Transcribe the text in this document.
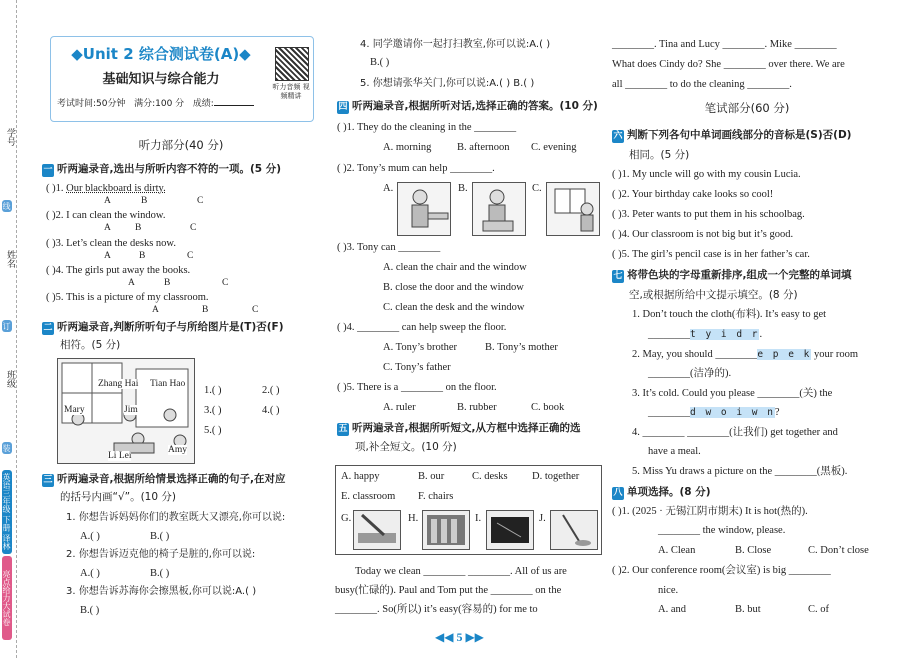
学号
姓名
班级
线
订
装
英语三年级 下册 译林
亮点给力大试卷
◆Unit 2 综合测试卷(A)◆
基础知识与综合能力
考试时间:50分钟 满分:100 分 成绩:
听力音频 视频精讲
听力部分(40 分)
一 听两遍录音,选出与所听内容不符的一项。(5 分)
( )1. Our blackboard is dirty.
A	B	C
( )2. I can clean the window.
A	B	C
( )3. Let’s clean the desks now.
A	B	C
( )4. The girls put away the books.
A	B	C
( )5. This is a picture of my classroom.
A	B	C
二 听两遍录音,判断所听句子与所给图片是(T)否(F)
相符。(5 分)
Zhang Hai Tian Hao
Mary	Jim
Li Lei
Amy
1.( )	2.( )
3.( )	4.( )
5.( )
三 听两遍录音,根据所给情景选择正确的句子,在对应
的括号内画“√”。(10 分)
1. 你想告诉妈妈你们的教室既大又漂亮,你可以说:
A.( )	B.( )
2. 你想告诉迈克他的椅子是脏的,你可以说:
A.( )	B.( )
3. 你想告诉苏海你会擦黑板,你可以说:A.( )
B.( )
4. 同学邀请你一起打扫教室,你可以说:A.( )
B.( )
5. 你想请张华关门,你可以说:A.( ) B.( )
四 听两遍录音,根据所听对话,选择正确的答案。(10 分)
( )1. They do the cleaning in the ________
A. morning B. afternoon C. evening
( )2. Tony’s mum can help ________.
A.	B.	C.
( )3. Tony can ________
A. clean the chair and the window
B. close the door and the window
C. clean the desk and the window
( )4. ________ can help sweep the floor.
A. Tony’s brother	B. Tony’s mother
C. Tony’s father
( )5. There is a ________ on the floor.
A. ruler	B. rubber	C. book
五 听两遍录音,根据所听短文,从方框中选择正确的选
项,补全短文。(10 分)
A. happy	B. our	C. desks D. together
E. classroom F. chairs
G.	H.	I.	J.
Today we clean ________ ________. All of us are
busy(忙碌的). Paul and Tom put the ________ on the
________. So(所以) it’s easy(容易的) for me to
◀◀ 5 ▶▶
________. Tina and Lucy ________. Mike ________
What does Cindy do? She ________ over there. We are
all ________ to do the cleaning ________.
笔试部分(60 分)
六 判断下列各句中单词画线部分的音标是(S)否(D)
相同。(5 分)
( )1. My uncle will go with my cousin Lucia.
( )2. Your birthday cake looks so cool!
( )3. Peter wants to put them in his schoolbag.
( )4. Our classroom is not big but it’s good.
( )5. The girl’s pencil case is in her father’s car.
七 将带色块的字母重新排序,组成一个完整的单词填
空,或根据所给中文提示填空。(8 分)
1. Don’t touch the cloth(布料). It’s easy to get
________t y i d r.
2. May, you should ________e p e k your room
________(洁净的).
3. It’s cold. Could you please ________(关) the
________d w o i w n?
4. ________ ________(让我们) get together and
have a meal.
5. Miss Yu draws a picture on the ________(黑板).
八 单项选择。(8 分)
( )1. (2025 · 无锡江阴市期末) It is hot(热的).
________ the window, please.
A. Clean	B. Close	C. Don’t close
( )2. Our conference room(会议室) is big ________
nice.
A. and	B. but	C. of
